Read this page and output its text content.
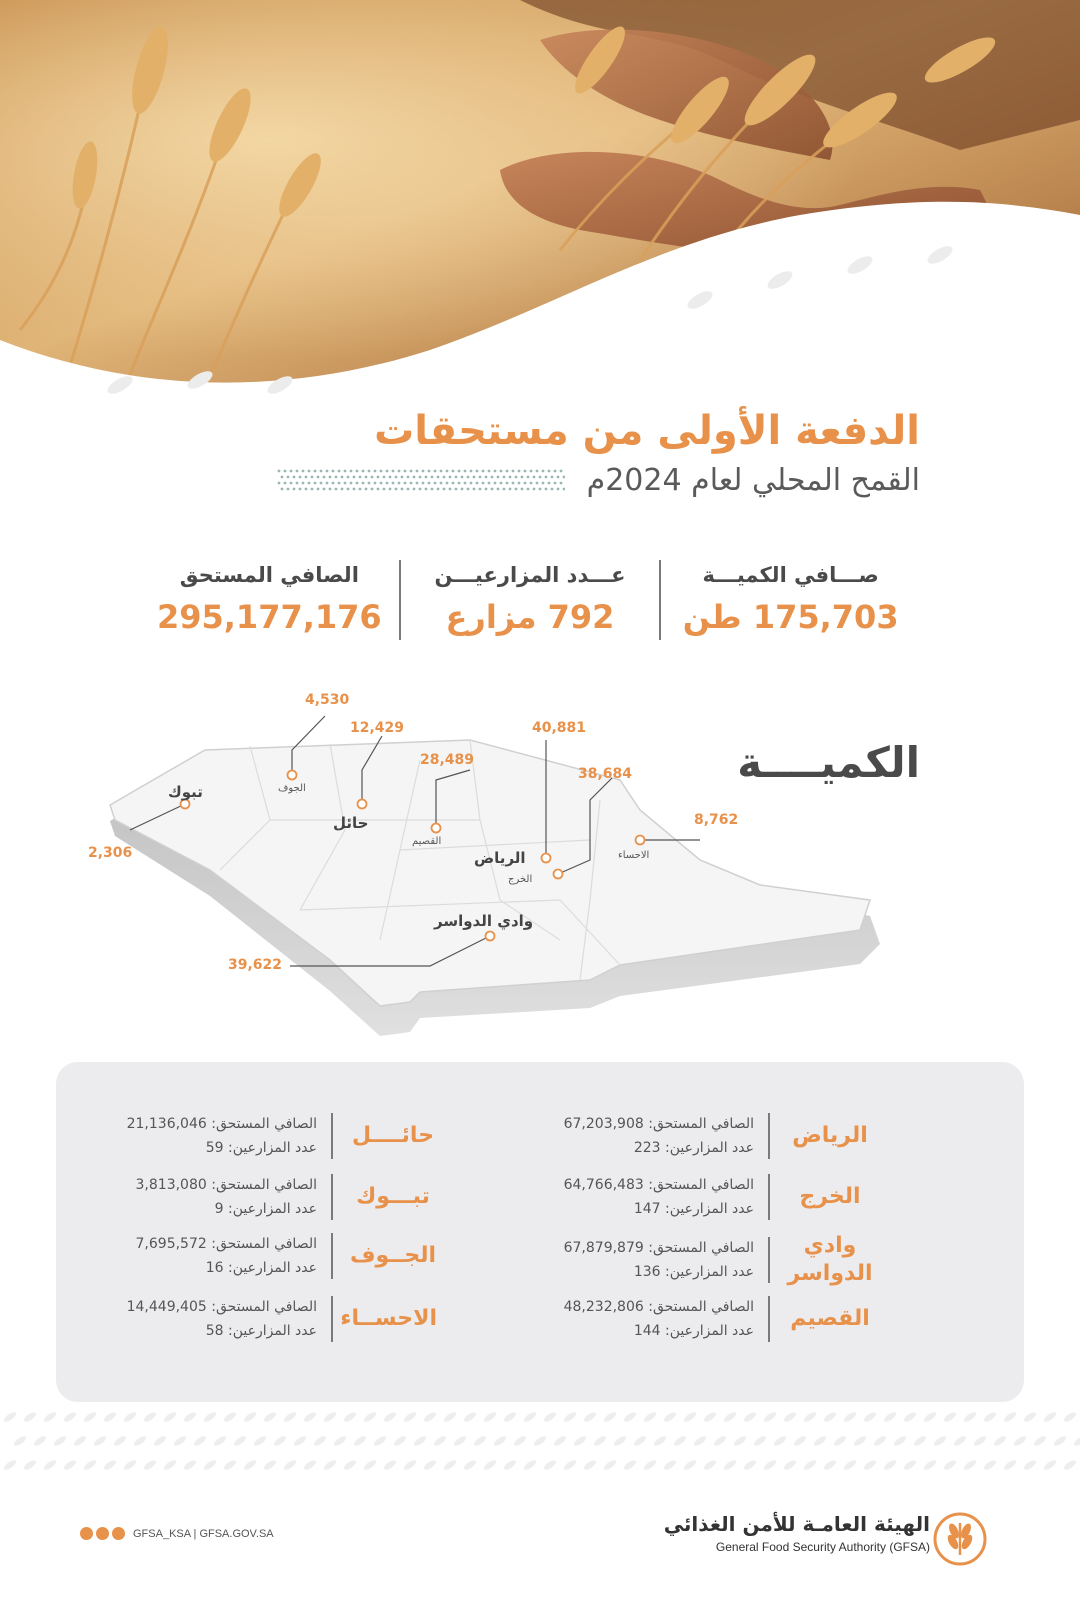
الدفعة الأولى من مستحقات
القمح المحلي لعام 2024م
صـــافي الكميـــة
175,703 طن
عـــدد المزارعيـــن
792 مزارع
الصافي المستحق
295,177,176
الكميــــة
4,530
الجوف
12,429
حائل
28,489
القصيم
40,881
الرياض
38,684
الخرج
8,762
الاحساء
2,306
تبوك
39,622
وادي الدواسر
الرياض
الصافي المستحق: 67,203,908
عدد المزارعين: 223
الخرج
الصافي المستحق: 64,766,483
عدد المزارعين: 147
وادي الدواسر
الصافي المستحق: 67,879,879
عدد المزارعين: 136
القصيم
الصافي المستحق: 48,232,806
عدد المزارعين: 144
حائــــل
الصافي المستحق: 21,136,046
عدد المزارعين: 59
تبـــوك
الصافي المستحق: 3,813,080
عدد المزارعين: 9
الجــوف
الصافي المستحق: 7,695,572
عدد المزارعين: 16
الاحســاء
الصافي المستحق: 14,449,405
عدد المزارعين: 58
GFSA_KSA | GFSA.GOV.SA	الهيئة العامـة للأمن الغذائي
General Food Security Authority (GFSA)
